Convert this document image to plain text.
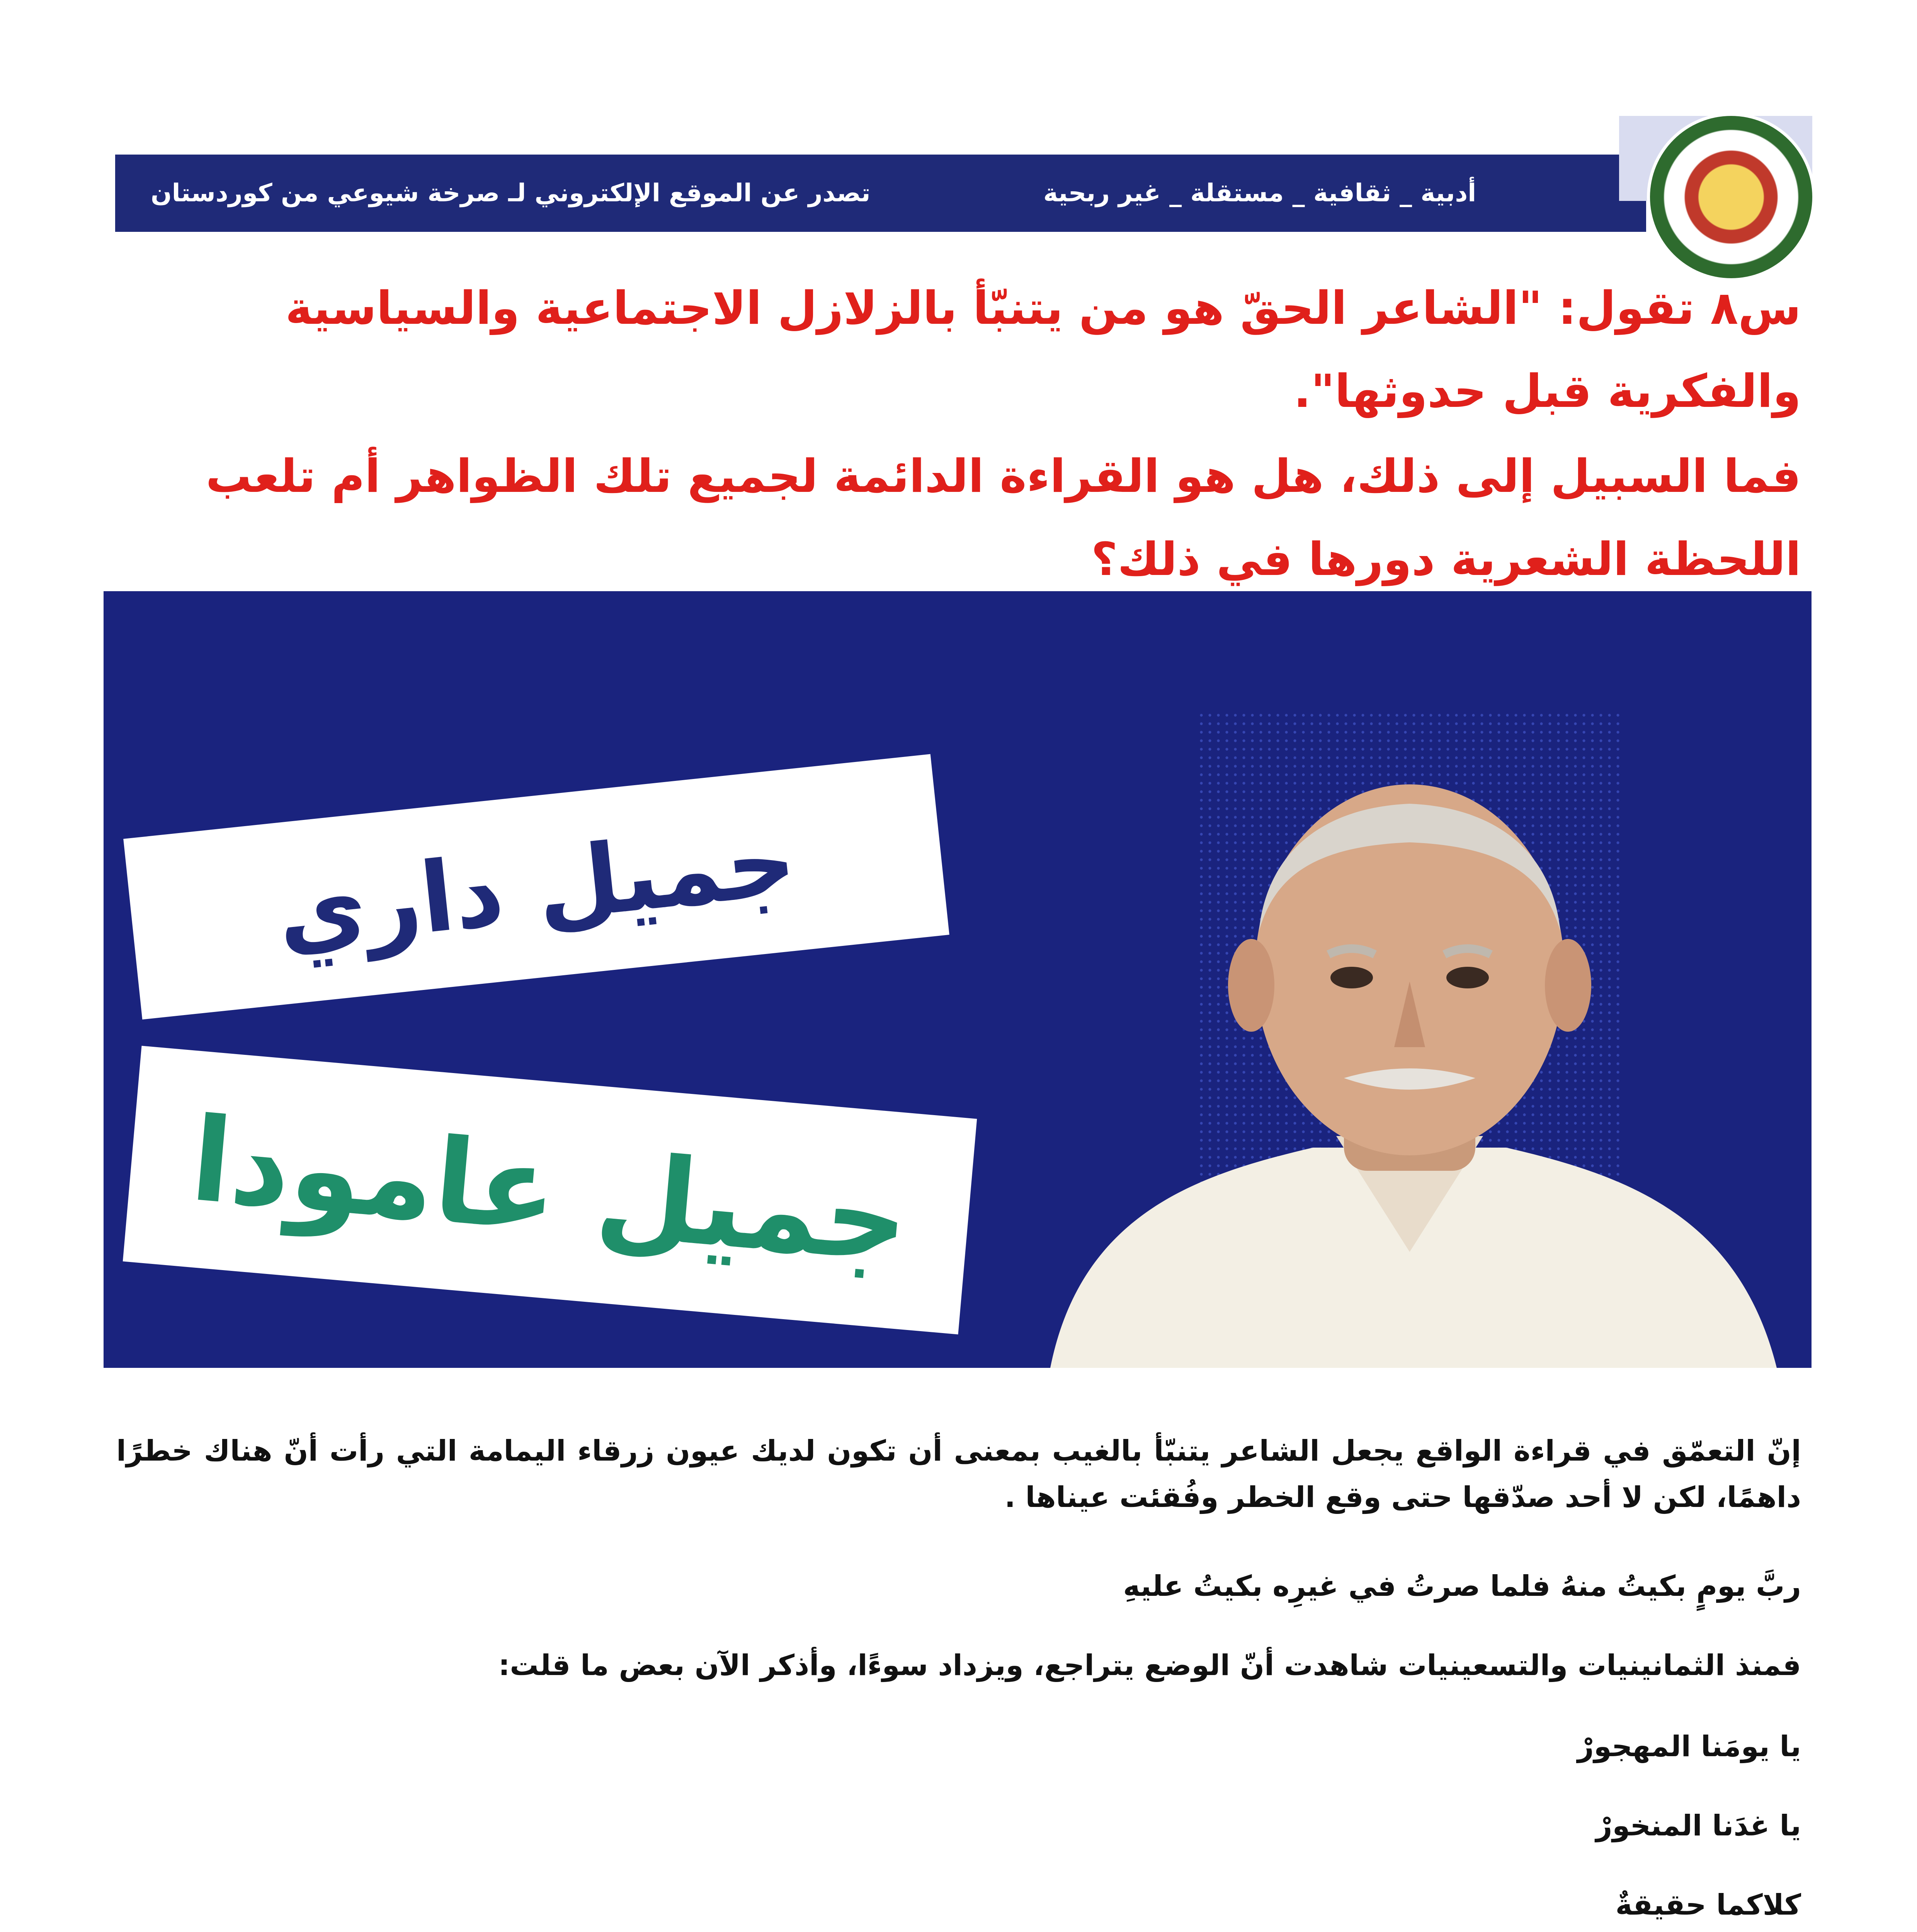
أدبية _ ثقافية _ مستقلة _ غير ربحية
تصدر عن الموقع الإلكتروني لـ صرخة شيوعي من كوردستان
س٨ تقول: "الشاعر الحقّ هو من يتنبّأ بالزلازل الاجتماعية والسياسية والفكرية قبل حدوثها".
فما السبيل إلى ذلك، هل هو القراءة الدائمة لجميع تلك الظواهر أم تلعب اللحظة الشعرية دورها في ذلك؟
جميل داري
جميل عامودا
إنّ التعمّق في قراءة الواقع يجعل الشاعر يتنبّأ بالغيب بمعنى أن تكون لديك عيون زرقاء اليمامة التي رأت أنّ هناك خطرًا داهمًا، لكن لا أحد صدّقها حتى وقع الخطر وفُقئت عيناها .
ربَّ يومٍ بكيتُ منهُ فلما صرتُ في غيرِه بكيتُ عليهِ
فمنذ الثمانينيات والتسعينيات شاهدت أنّ الوضع يتراجع، ويزداد سوءًا، وأذكر الآن بعض ما قلت:
يا يومَنا المهجورْ
يا غدَنا المنخورْ
كلاكما حقيقةٌ
